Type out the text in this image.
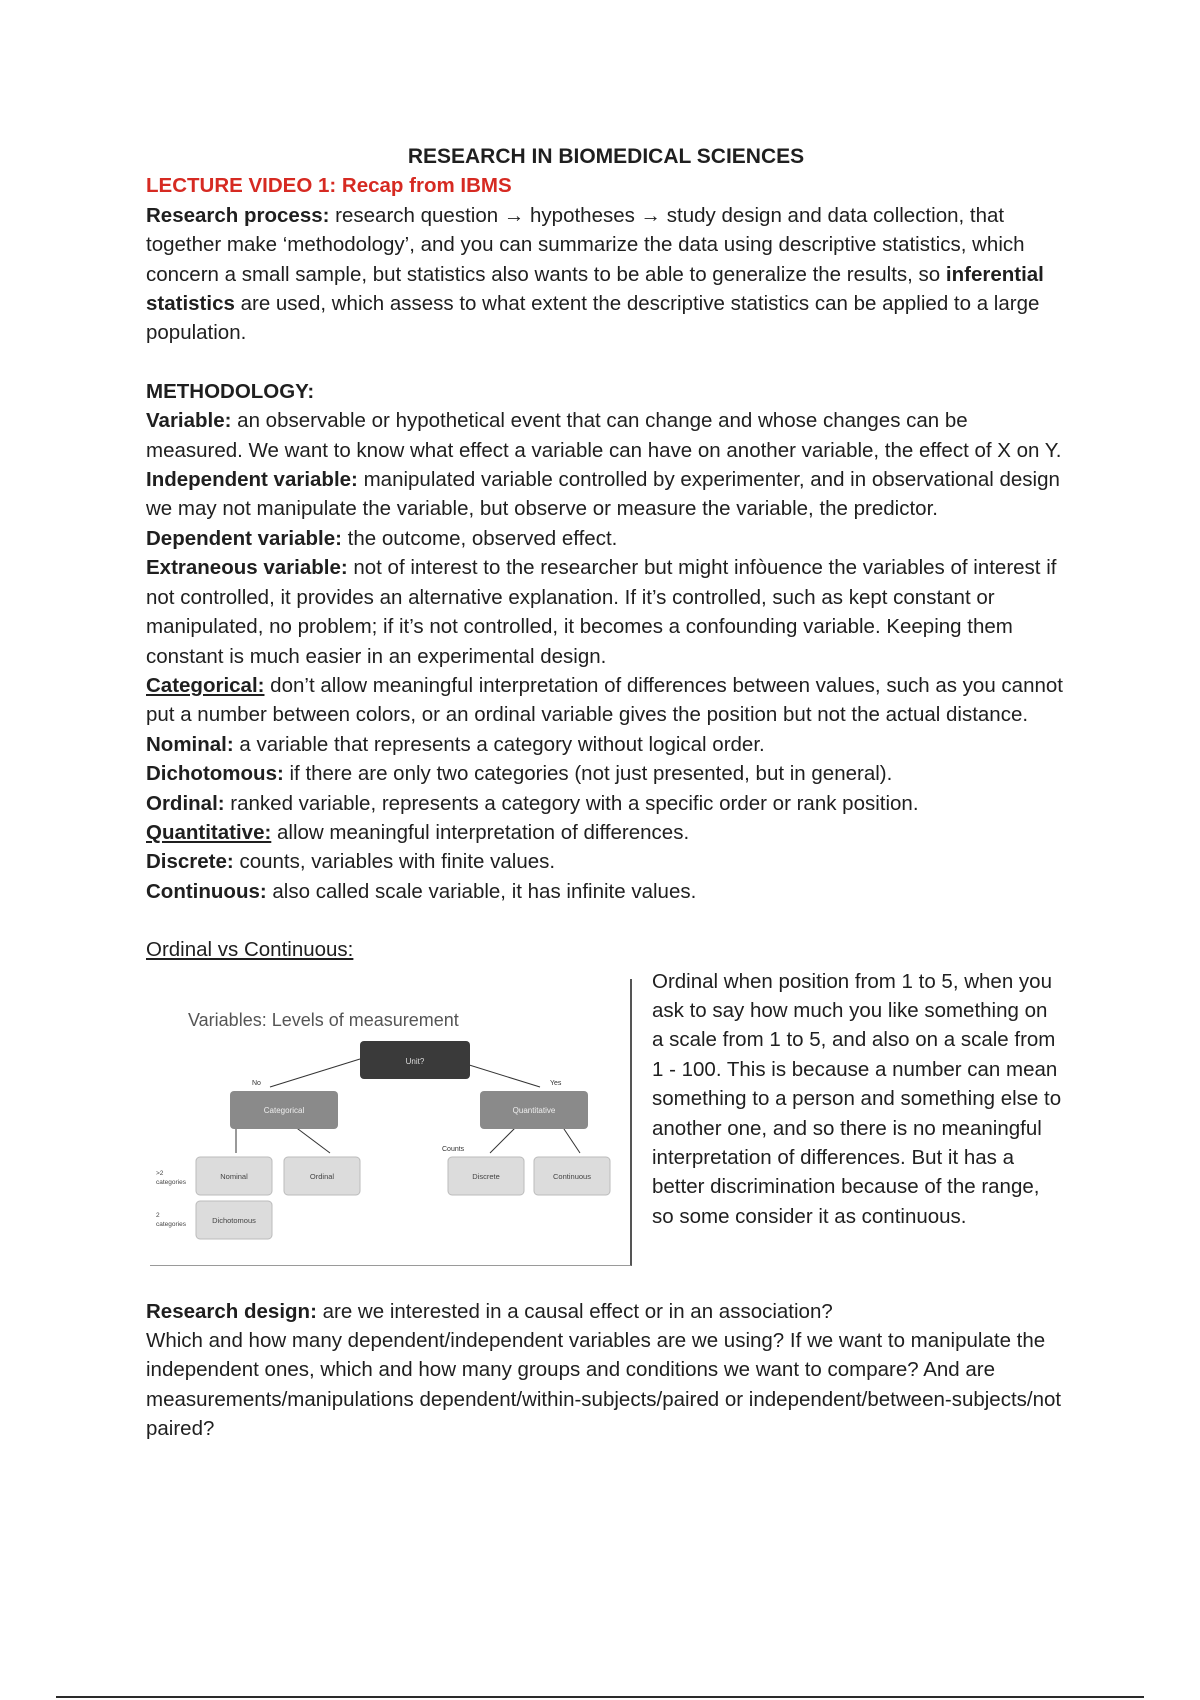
RESEARCH IN BIOMEDICAL SCIENCES

LECTURE VIDEO 1: Recap from IBMS

Research process: research question → hypotheses → study design and data collection, that together make ‘methodology’, and you can summarize the data using descriptive statistics, which concern a small sample, but statistics also wants to be able to generalize the results, so inferential statistics are used, which assess to what extent the descriptive statistics can be applied to a large population.

METHODOLOGY:

Variable: an observable or hypothetical event that can change and whose changes can be measured. We want to know what effect a variable can have on another variable, the effect of X on Y.

Independent variable: manipulated variable controlled by experimenter, and in observational design we may not manipulate the variable, but observe or measure the variable, the predictor.

Dependent variable: the outcome, observed effect.

Extraneous variable: not of interest to the researcher but might infòuence the variables of interest if not controlled, it provides an alternative explanation. If it’s controlled, such as kept constant or manipulated, no problem; if it’s not controlled, it becomes a confounding variable. Keeping them constant is much easier in an experimental design.

Categorical: don’t allow meaningful interpretation of differences between values, such as you cannot put a number between colors, or an ordinal variable gives the position but not the actual distance.

Nominal: a variable that represents a category without logical order.

Dichotomous: if there are only two categories (not just presented, but in general).

Ordinal: ranked variable, represents a category with a specific order or rank position.

Quantitative: allow meaningful interpretation of differences.

Discrete: counts, variables with finite values.

Continuous: also called scale variable, it has infinite values.

Ordinal vs Continuous:

Variables: Levels of measurement
Unit?
No	Yes
Categorical	Quantitative
Counts
Nominal	Ordinal	Discrete	Continuous
Dichotomous
>2
categories
2
categories

Ordinal when position from 1 to 5, when you ask to say how much you like something on a scale from 1 to 5, and also on a scale from 1 - 100. This is because a number can mean something to a person and something else to another one, and so there is no meaningful interpretation of differences. But it has a better discrimination because of the range, so some consider it as continuous.

Research design: are we interested in a causal effect or in an association?

Which and how many dependent/independent variables are we using? If we want to manipulate the independent ones, which and how many groups and conditions we want to compare? And are measurements/manipulations dependent/within-subjects/paired or independent/between-subjects/not paired?
